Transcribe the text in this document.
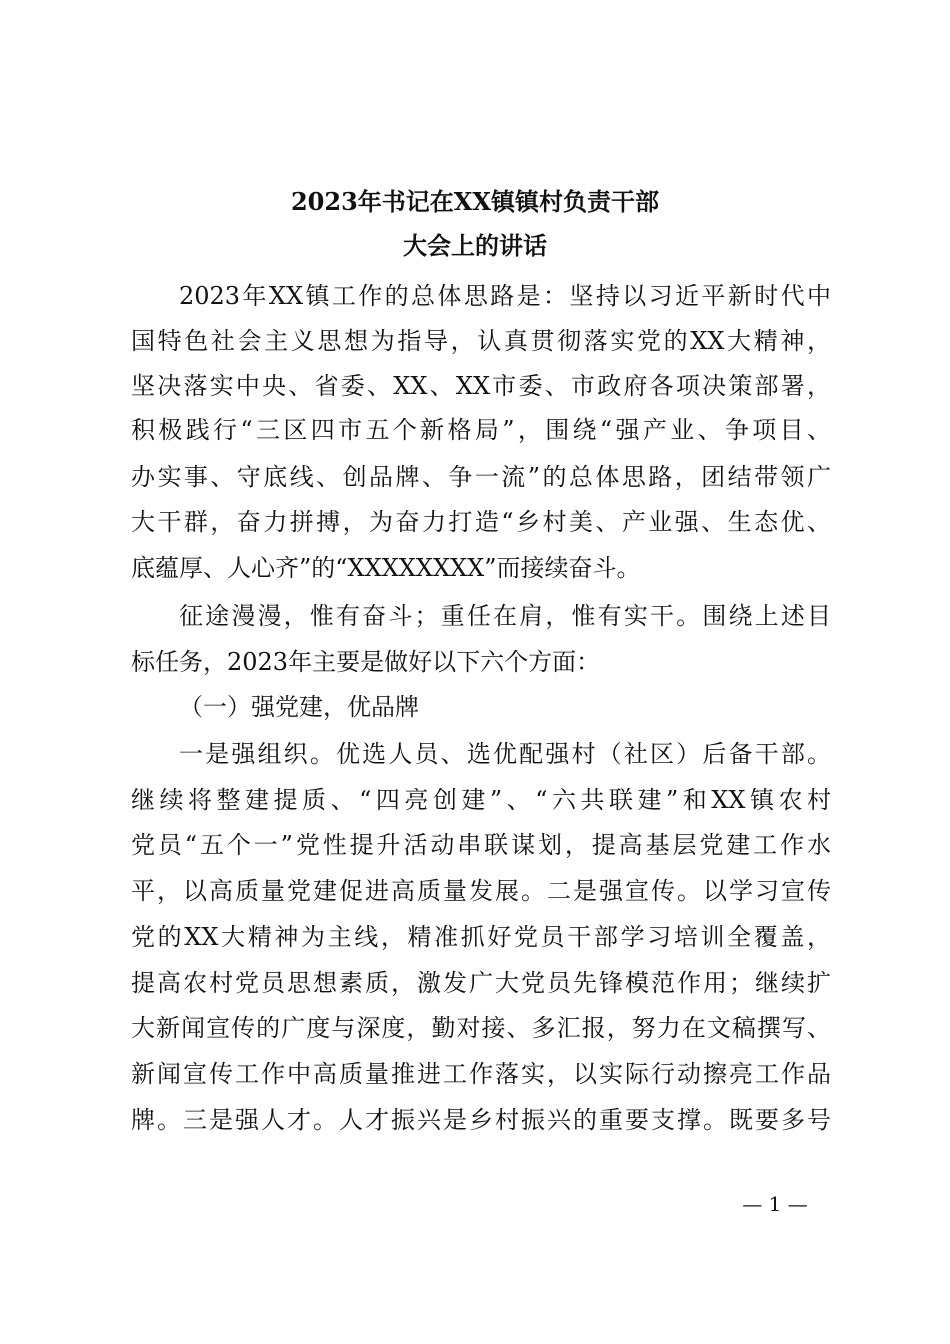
2023年书记在XX镇镇村负责干部
大会上的讲话
2023年XX镇工作的总体思路是：坚持以习近平新时代中
国特色社会主义思想为指导，认真贯彻落实党的XX大精神，
坚决落实中央、省委、XX、XX市委、市政府各项决策部署，
积极践行“三区四市五个新格局”，围绕“强产业、争项目、
办实事、守底线、创品牌、争一流”的总体思路，团结带领广
大干群，奋力拼搏，为奋力打造“乡村美、产业强、生态优、
底蕴厚、人心齐”的“XXXXXXXX”而接续奋斗。
征途漫漫，惟有奋斗；重任在肩，惟有实干。围绕上述目
标任务，2023年主要是做好以下六个方面：
（一）强党建，优品牌
一是强组织。优选人员、选优配强村（社区）后备干部。
继续将整建提质、“四亮创建”、“六共联建”和XX镇农村
党员“五个一”党性提升活动串联谋划，提高基层党建工作水
平，以高质量党建促进高质量发展。二是强宣传。以学习宣传
党的XX大精神为主线，精准抓好党员干部学习培训全覆盖，
提高农村党员思想素质，激发广大党员先锋模范作用；继续扩
大新闻宣传的广度与深度，勤对接、多汇报，努力在文稿撰写、
新闻宣传工作中高质量推进工作落实，以实际行动擦亮工作品
牌。三是强人才。人才振兴是乡村振兴的重要支撑。既要多号
— 1 —
